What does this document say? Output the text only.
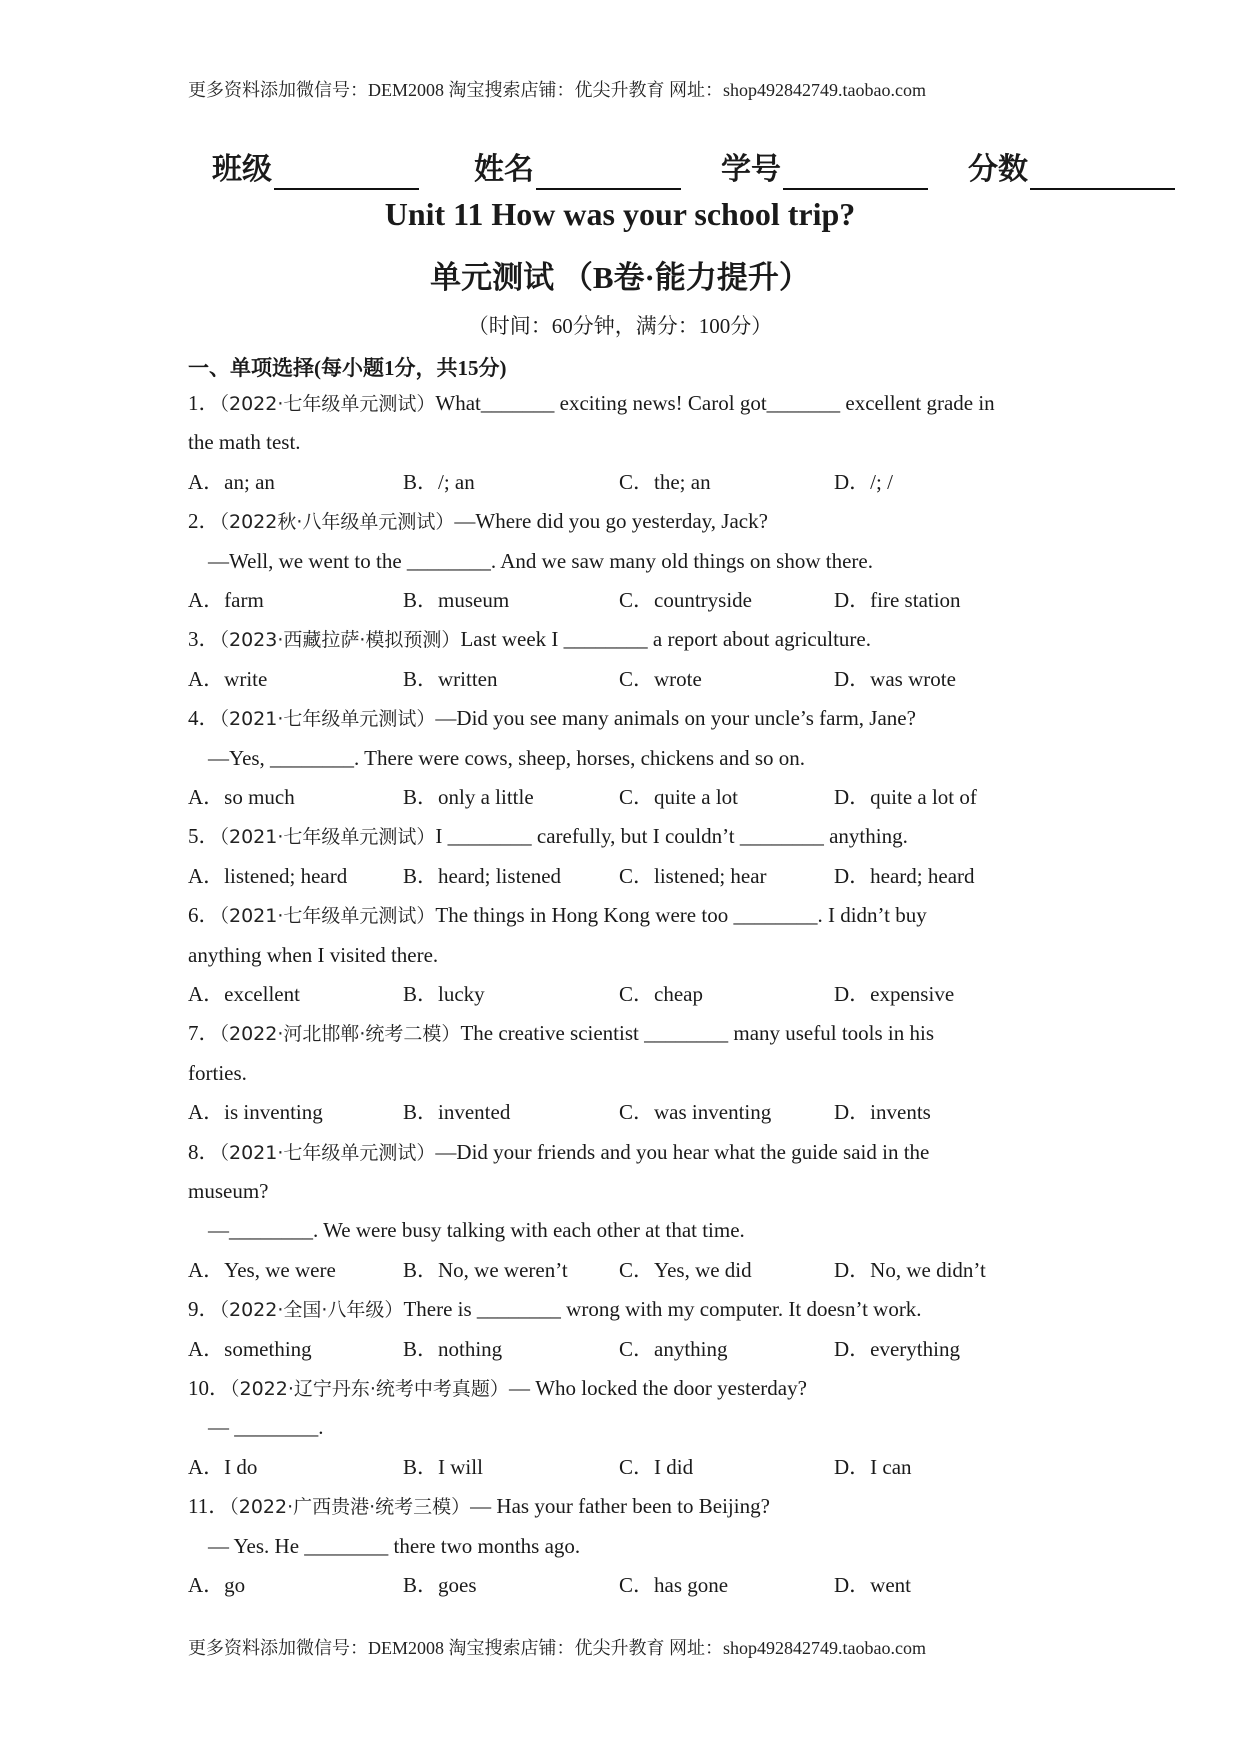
更多资料添加微信号：DEM2008 淘宝搜索店铺：优尖升教育 网址：shop492842749.taobao.com
班级	姓名	学号	分数
Unit 11 How was your school trip?
单元测试 （B卷·能力提升）
（时间：60分钟，满分：100分）
一、单项选择(每小题1分，共15分)
1．（2022·七年级单元测试）What_______ exciting news! Carol got_______ excellent grade in
the math test.
A．an; an	B．/; an	C．the; an	D．/; /
2．（2022秋·八年级单元测试）—Where did you go yesterday, Jack?
—Well, we went to the ________. And we saw many old things on show there.
A．farm	B．museum	C．countryside	D．fire station
3．（2023·西藏拉萨·模拟预测）Last week I ________ a report about agriculture.
A．write	B．written	C．wrote	D．was wrote
4．（2021·七年级单元测试）—Did you see many animals on your uncle’s farm, Jane?
—Yes, ________. There were cows, sheep, horses, chickens and so on.
A．so much	B．only a little	C．quite a lot	D．quite a lot of
5．（2021·七年级单元测试）I ________ carefully, but I couldn’t ________ anything.
A．listened; heard	B．heard; listened	C．listened; hear	D．heard; heard
6．（2021·七年级单元测试）The things in Hong Kong were too ________. I didn’t buy
anything when I visited there.
A．excellent	B．lucky	C．cheap	D．expensive
7．（2022·河北邯郸·统考二模）The creative scientist ________ many useful tools in his
forties.
A．is inventing	B．invented	C．was inventing	D．invents
8．（2021·七年级单元测试）—Did your friends and you hear what the guide said in the
museum?
—________. We were busy talking with each other at that time.
A．Yes, we were	B．No, we weren’t C．Yes, we did	D．No, we didn’t
9．（2022·全国·八年级）There is ________ wrong with my computer. It doesn’t work.
A．something	B．nothing	C．anything	D．everything
10．（2022·辽宁丹东·统考中考真题）— Who locked the door yesterday?
— ________.
A．I do	B．I will	C．I did	D．I can
11．（2022·广西贵港·统考三模）— Has your father been to Beijing?
— Yes. He ________ there two months ago.
A．go	B．goes	C．has gone	D．went
更多资料添加微信号：DEM2008 淘宝搜索店铺：优尖升教育 网址：shop492842749.taobao.com
